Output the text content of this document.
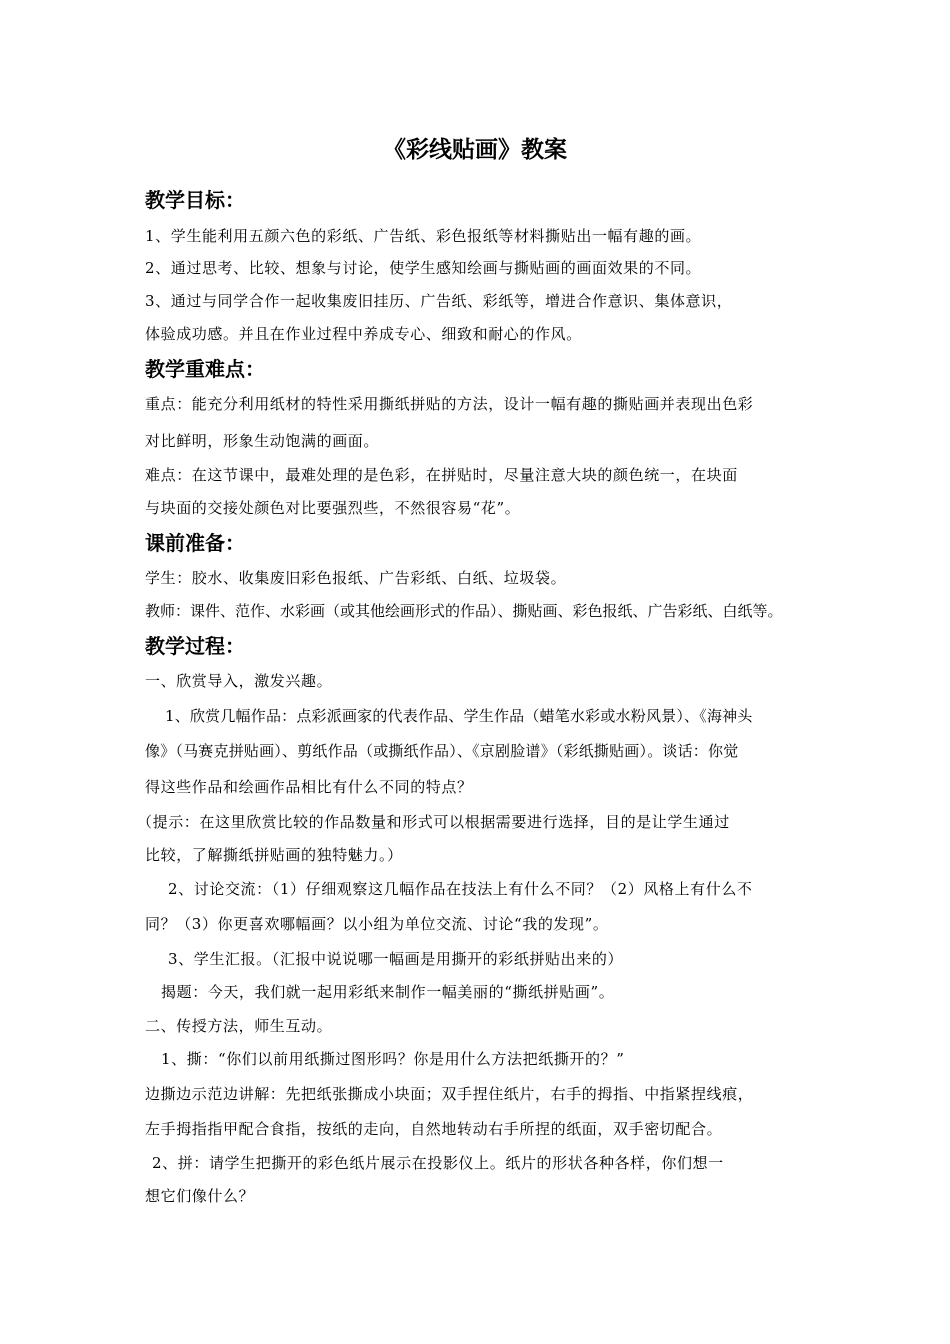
《彩线贴画》教案
教学目标：

1、学生能利用五颜六色的彩纸、广告纸、彩色报纸等材料撕贴出一幅有趣的画。

2、通过思考、比较、想象与讨论，使学生感知绘画与撕贴画的画面效果的不同。

3、通过与同学合作一起收集废旧挂历、广告纸、彩纸等，增进合作意识、集体意识，

体验成功感。并且在作业过程中养成专心、细致和耐心的作风。

教学重难点：

重点：能充分利用纸材的特性采用撕纸拼贴的方法，设计一幅有趣的撕贴画并表现出色彩

对比鲜明，形象生动饱满的画面。

难点：在这节课中，最难处理的是色彩，在拼贴时，尽量注意大块的颜色统一，在块面

与块面的交接处颜色对比要强烈些，不然很容易“花”。

课前准备：

学生：胶水、收集废旧彩色报纸、广告彩纸、白纸、垃圾袋。

教师：课件、范作、水彩画（或其他绘画形式的作品）、撕贴画、彩色报纸、广告彩纸、白纸等。

教学过程：

一、欣赏导入，激发兴趣。

1、欣赏几幅作品：点彩派画家的代表作品、学生作品（蜡笔水彩或水粉风景）、《海神头

像》（马赛克拼贴画）、剪纸作品（或撕纸作品）、《京剧脸谱》（彩纸撕贴画）。谈话：你觉

得这些作品和绘画作品相比有什么不同的特点？

（提示：在这里欣赏比较的作品数量和形式可以根据需要进行选择，目的是让学生通过

比较，了解撕纸拼贴画的独特魅力。）

2、讨论交流：（1）仔细观察这几幅作品在技法上有什么不同？（2）风格上有什么不

同？（3）你更喜欢哪幅画？以小组为单位交流、讨论“我的发现”。

3、学生汇报。（汇报中说说哪一幅画是用撕开的彩纸拼贴出来的）

揭题：今天，我们就一起用彩纸来制作一幅美丽的“撕纸拼贴画”。

二、传授方法，师生互动。

1、撕：“你们以前用纸撕过图形吗？你是用什么方法把纸撕开的？”

边撕边示范边讲解：先把纸张撕成小块面；双手捏住纸片，右手的拇指、中指紧捏线痕，

左手拇指指甲配合食指，按纸的走向，自然地转动右手所捏的纸面，双手密切配合。

2、拼：请学生把撕开的彩色纸片展示在投影仪上。纸片的形状各种各样，你们想一

想它们像什么？
